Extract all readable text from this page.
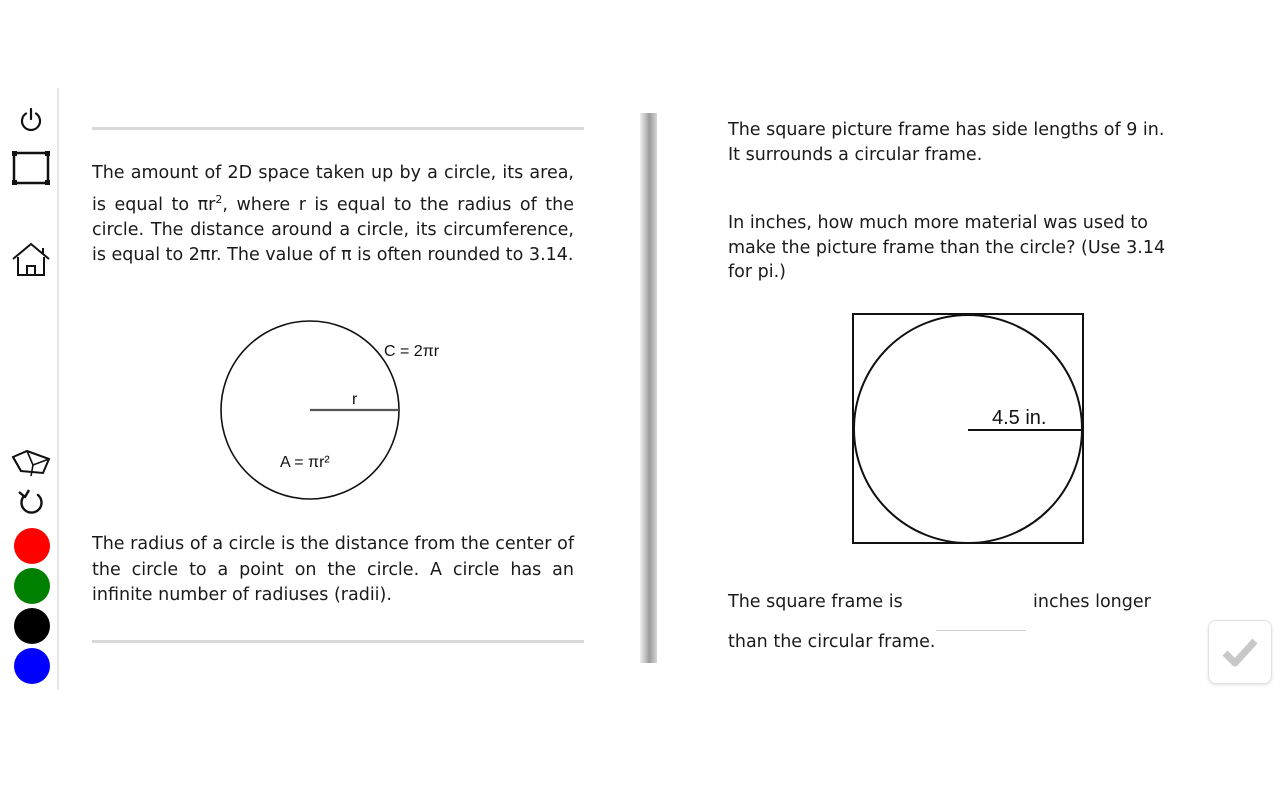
The amount of 2D space taken up by a circle, its area, is equal to $\pi r^2$, where r is equal to the radius of the circle. The distance around a circle, its circumference, is equal to 2πr. The value of π is often rounded to 3.14.
C = 2πr
r
A = πr²
The radius of a circle is the distance from the center of the circle to a point on the circle. A circle has an infinite number of radiuses (radii).
The square picture frame has side lengths of 9 in.
It surrounds a circular frame.
In inches, how much more material was used to
make the picture frame than the circle? (Use 3.14
for pi.)
4.5 in.
The square frame is	inches longer
than the circular frame.
